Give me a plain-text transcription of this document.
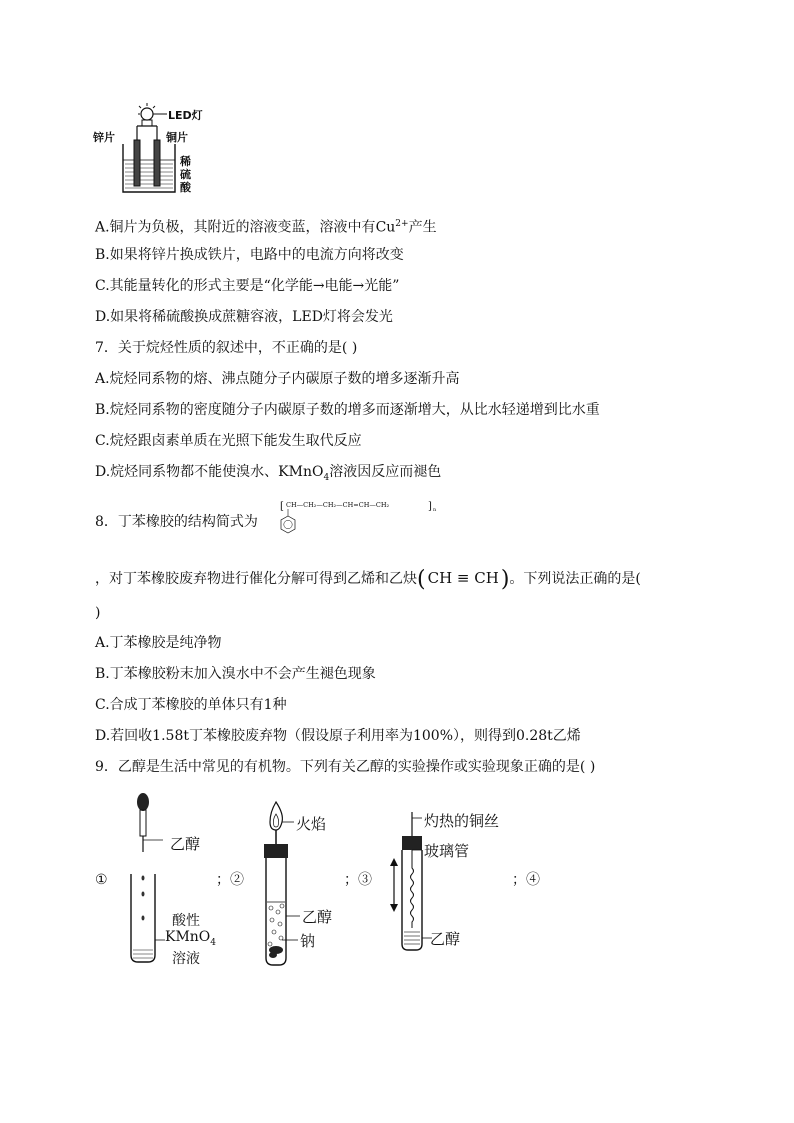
LED灯
锌片	铜片
稀
硫
酸
A.铜片为负极，其附近的溶液变蓝，溶液中有$Cu^{2+}$产生
B.如果将锌片换成铁片，电路中的电流方向将改变
C.其能量转化的形式主要是“化学能→电能→光能”
D.如果将稀硫酸换成蔗糖容液，LED灯将会发光
7．关于烷烃性质的叙述中，不正确的是( )
A.烷烃同系物的熔、沸点随分子内碳原子数的增多逐渐升高
B.烷烃同系物的密度随分子内碳原子数的增多而逐渐增大，从比水轻递增到比水重
C.烷烃跟卤素单质在光照下能发生取代反应
D.烷烃同系物都不能使溴水、KMnO$_4$溶液因反应而褪色
8．丁苯橡胶的结构简式为
[ CH—CH₂—CH₂—CH=CH—CH₂	] n
，对丁苯橡胶废弃物进行催化分解可得到乙烯和乙炔( CH ≡ CH)。下列说法正确的是(
)
A.丁苯橡胶是纯净物
B.丁苯橡胶粉末加入溴水中不会产生褪色现象
C.合成丁苯橡胶的单体只有1种
D.若回收1.58t丁苯橡胶废弃物（假设原子利用率为100%），则得到0.28t乙烯
9．乙醇是生活中常见的有机物。下列有关乙醇的实验操作或实验现象正确的是( )
①	；②	；③	；④
乙醇
酸性
KMnO$_4$
溶液
火焰
乙醇
钠
灼热的铜丝
玻璃管
乙醇
